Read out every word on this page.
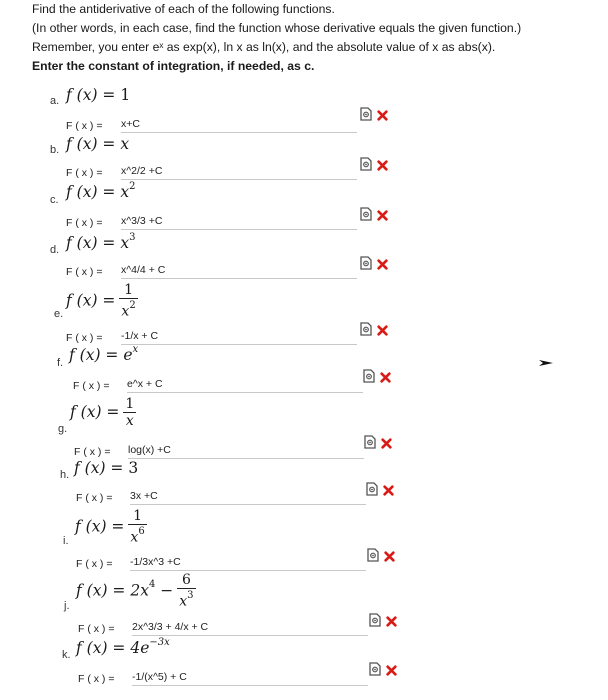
Find the antiderivative of each of the following functions.
(In other words, in each case, find the function whose derivative equals the given function.)
Remember, you enter eˣ as exp(x), ln x as ln(x), and the absolute value of x as abs(x).
Enter the constant of integration, if needed, as c.
a. f (x) = 1
F ( x ) = x+C
b. f (x) = x
F ( x ) = x^2/2 +C
c. f $(x) = x^2$
F ( x ) = x^3/3 +C
d. f $(x) = x^3$
F ( x ) = x^4/4 + C
e.
f $(x) = \frac{1}{x^2}$
F ( x ) = -1/x + C
f. f $(x) = e^x$
F ( x ) = e^x + C
g.
f $(x) = \frac{1}{x}$
F ( x ) = log(x) +C
h. f (x) = 3
F ( x ) = 3x +C
i.
f $(x) = \frac{1}{x^6}$
F ( x ) = -1/3x^3 +C
j.
f $(x) = 2x^4 - \frac{6}{x^3}$
F ( x ) = 2x^3/3 + 4/x + C
k. f $(x) = 4e^{-3x}$
F ( x ) = -1/(x^5) + C
